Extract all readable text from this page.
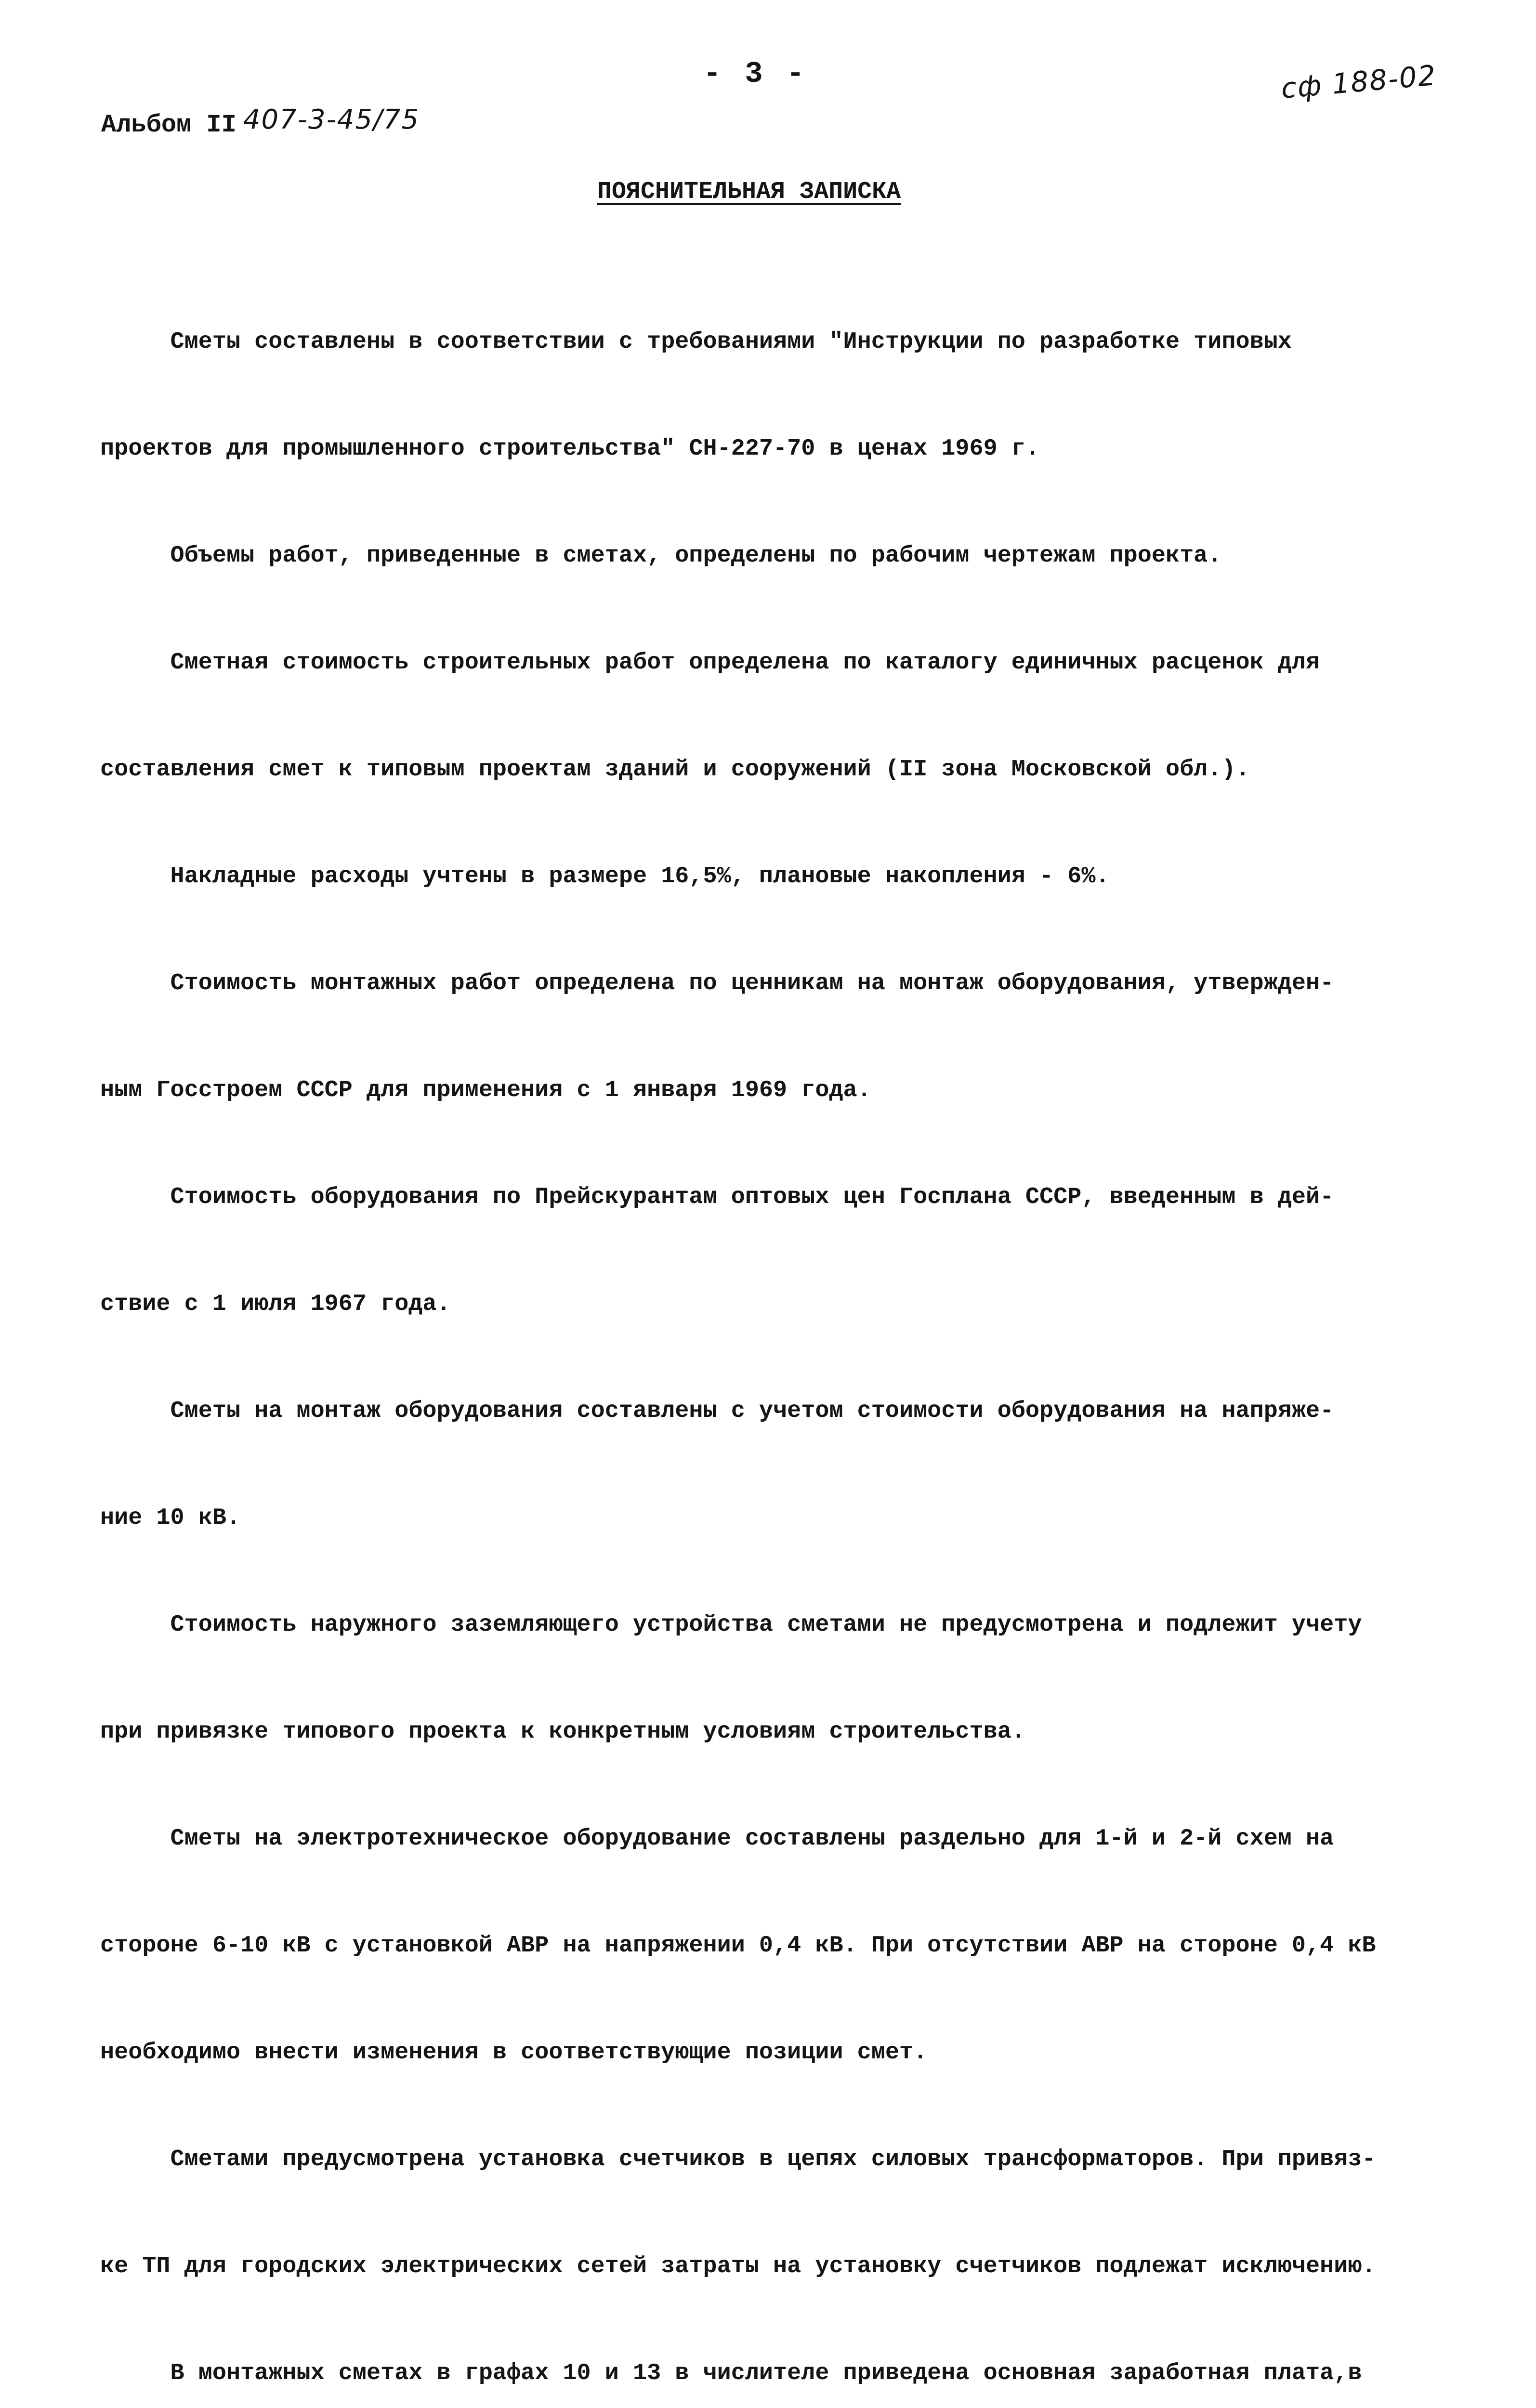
- 3 -
Альбом II 407-3-45/75
сф 188-02
ПОЯСНИТЕЛЬНАЯ ЗАПИСКА

Сметы составлены в соответствии с требованиями "Инструкции по разработке типовых

проектов для промышленного строительства" СН-227-70 в ценах 1969 г.

Объемы работ, приведенные в сметах, определены по рабочим чертежам проекта.

Сметная стоимость строительных работ определена по каталогу единичных расценок для

составления смет к типовым проектам зданий и сооружений (II зона Московской обл.).

Накладные расходы учтены в размере 16,5%, плановые накопления - 6%.

Стоимость монтажных работ определена по ценникам на монтаж оборудования, утвержден-

ным Госстроем СССР для применения с 1 января 1969 года.

Стоимость оборудования по Прейскурантам оптовых цен Госплана СССР, введенным в дей-

ствие с 1 июля 1967 года.

Сметы на монтаж оборудования составлены с учетом стоимости оборудования на напряже-

ние 10 кВ.

Стоимость наружного заземляющего устройства сметами не предусмотрена и подлежит учету

при привязке типового проекта к конкретным условиям строительства.

Сметы на электротехническое оборудование составлены раздельно для 1-й и 2-й схем на

стороне 6-10 кВ с установкой АВР на напряжении 0,4 кВ. При отсутствии АВР на стороне 0,4 кВ

необходимо внести изменения в соответствующие позиции смет.

Сметами предусмотрена установка счетчиков в цепях силовых трансформаторов. При привяз-

ке ТП для городских электрических сетей затраты на установку счетчиков подлежат исключению.

В монтажных сметах в графах 10 и 13 в числителе приведена основная заработная плата,в
